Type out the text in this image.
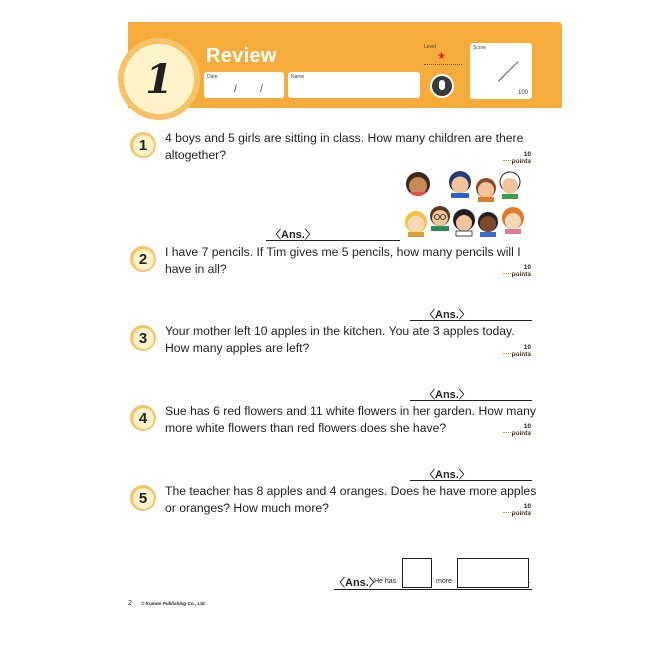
1 Review
Date
/ /
Name
Level
★
Score
100
1	4 boys and 5 girls are sitting in class. How many children are there
altogether?	10 points
〈Ans.〉
2	I have 7 pencils. If Tim gives me 5 pencils, how many pencils will I
have in all?	10 points
〈Ans.〉
3	Your mother left 10 apples in the kitchen. You ate 3 apples today.
How many apples are left?	10 points
〈Ans.〉
4	Sue has 6 red flowers and 11 white flowers in her garden. How many
more white flowers than red flowers does she have?	10 points
〈Ans.〉
5	The teacher has 8 apples and 4 oranges. Does he have more apples
or oranges? How much more?	10 points
〈Ans.〉
He has	more	.
2 © Kumon Publishing Co., Ltd.
